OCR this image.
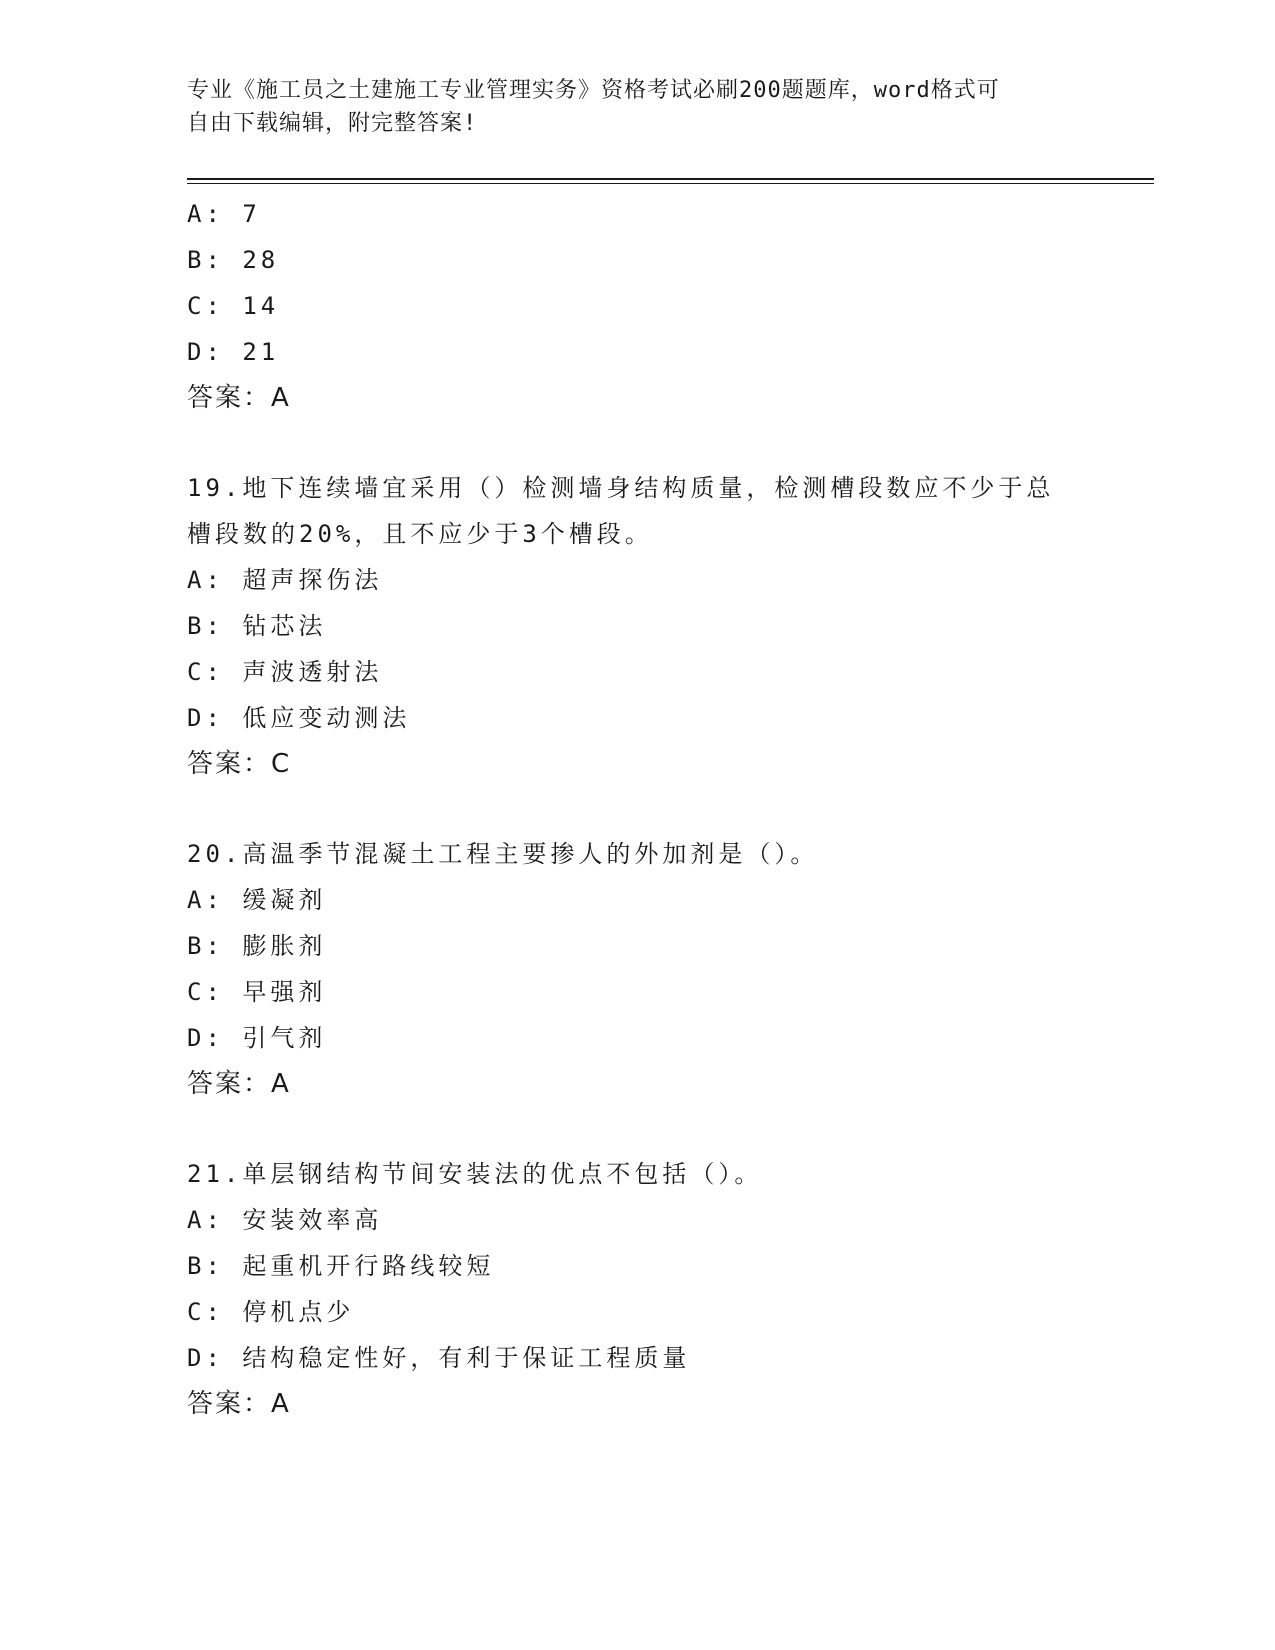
专业《施工员之土建施工专业管理实务》资格考试必刷200题题库，word格式可
自由下载编辑，附完整答案!
A: 7
B: 28
C: 14
D: 21
答案：A
19.地下连续墙宜采用（）检测墙身结构质量，检测槽段数应不少于总
槽段数的20%，且不应少于3个槽段。
A: 超声探伤法
B: 钻芯法
C: 声波透射法
D: 低应变动测法
答案：C
20.高温季节混凝土工程主要掺人的外加剂是（）。
A: 缓凝剂
B: 膨胀剂
C: 早强剂
D: 引气剂
答案：A
21.单层钢结构节间安装法的优点不包括（）。
A: 安装效率高
B: 起重机开行路线较短
C: 停机点少
D: 结构稳定性好，有利于保证工程质量
答案：A
